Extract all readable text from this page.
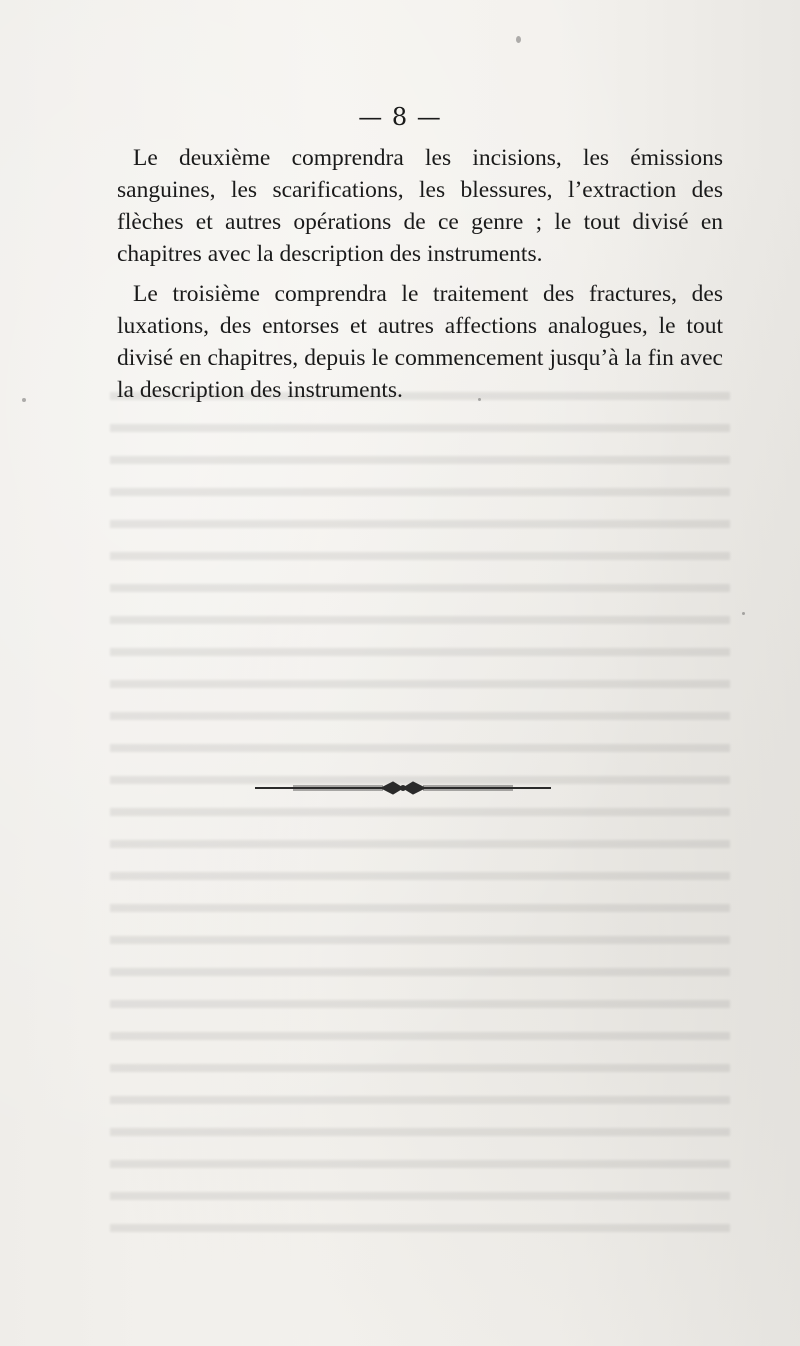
— 8 —

Le deuxième comprendra les incisions, les émissions sanguines, les scarifications, les blessures, l’extraction des flèches et autres opérations de ce genre ; le tout divisé en chapitres avec la description des instruments.

Le troisième comprendra le traitement des fractures, des luxations, des entorses et autres affections analogues, le tout divisé en chapitres, depuis le commencement jusqu’à la fin avec la description des instruments.
